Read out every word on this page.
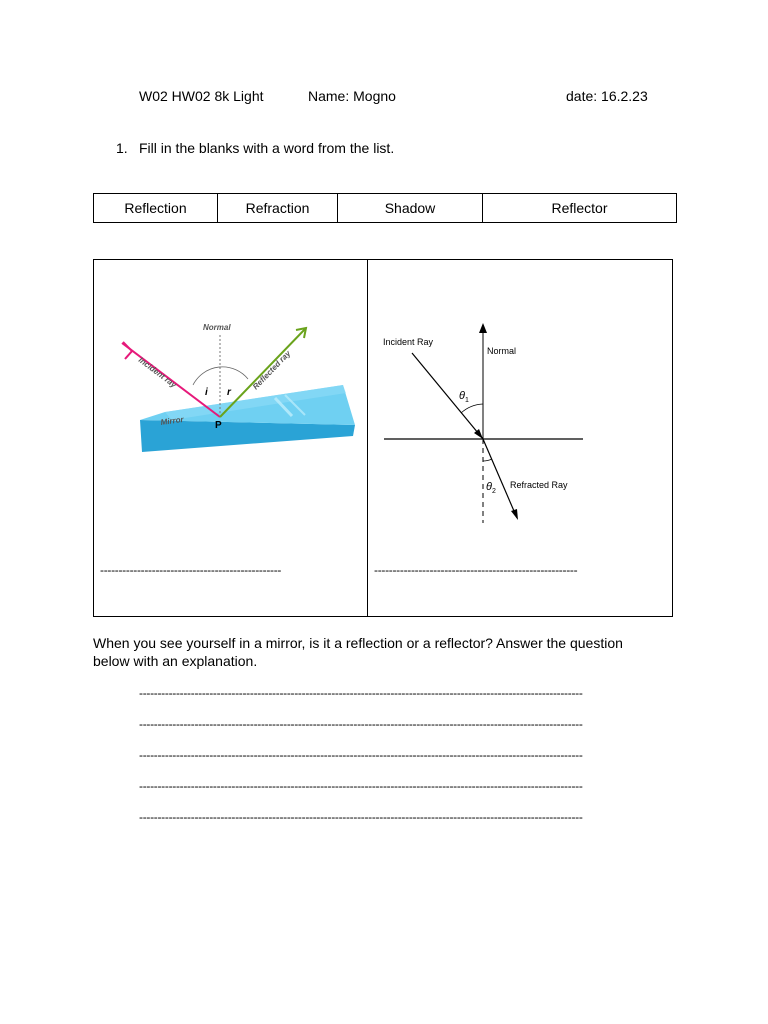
W02 HW02 8k Light	Name: Mogno	date: 16.2.23
1. Fill in the blanks with a word from the list.
Reflection	Refraction	Shadow	Reflector
Normal
Incident ray	Reflected ray
i r
P
Mirror
Incident Ray
Normal
$\theta_1$
$\theta_2$
Refracted Ray
-------------------------------------------------	-------------------------------------------------------
When you see yourself in a mirror, is it a reflection or a reflector? Answer the question
below with an explanation.
------------------------------------------------------------------------------------------------------------------------
------------------------------------------------------------------------------------------------------------------------
------------------------------------------------------------------------------------------------------------------------
------------------------------------------------------------------------------------------------------------------------
------------------------------------------------------------------------------------------------------------------------
